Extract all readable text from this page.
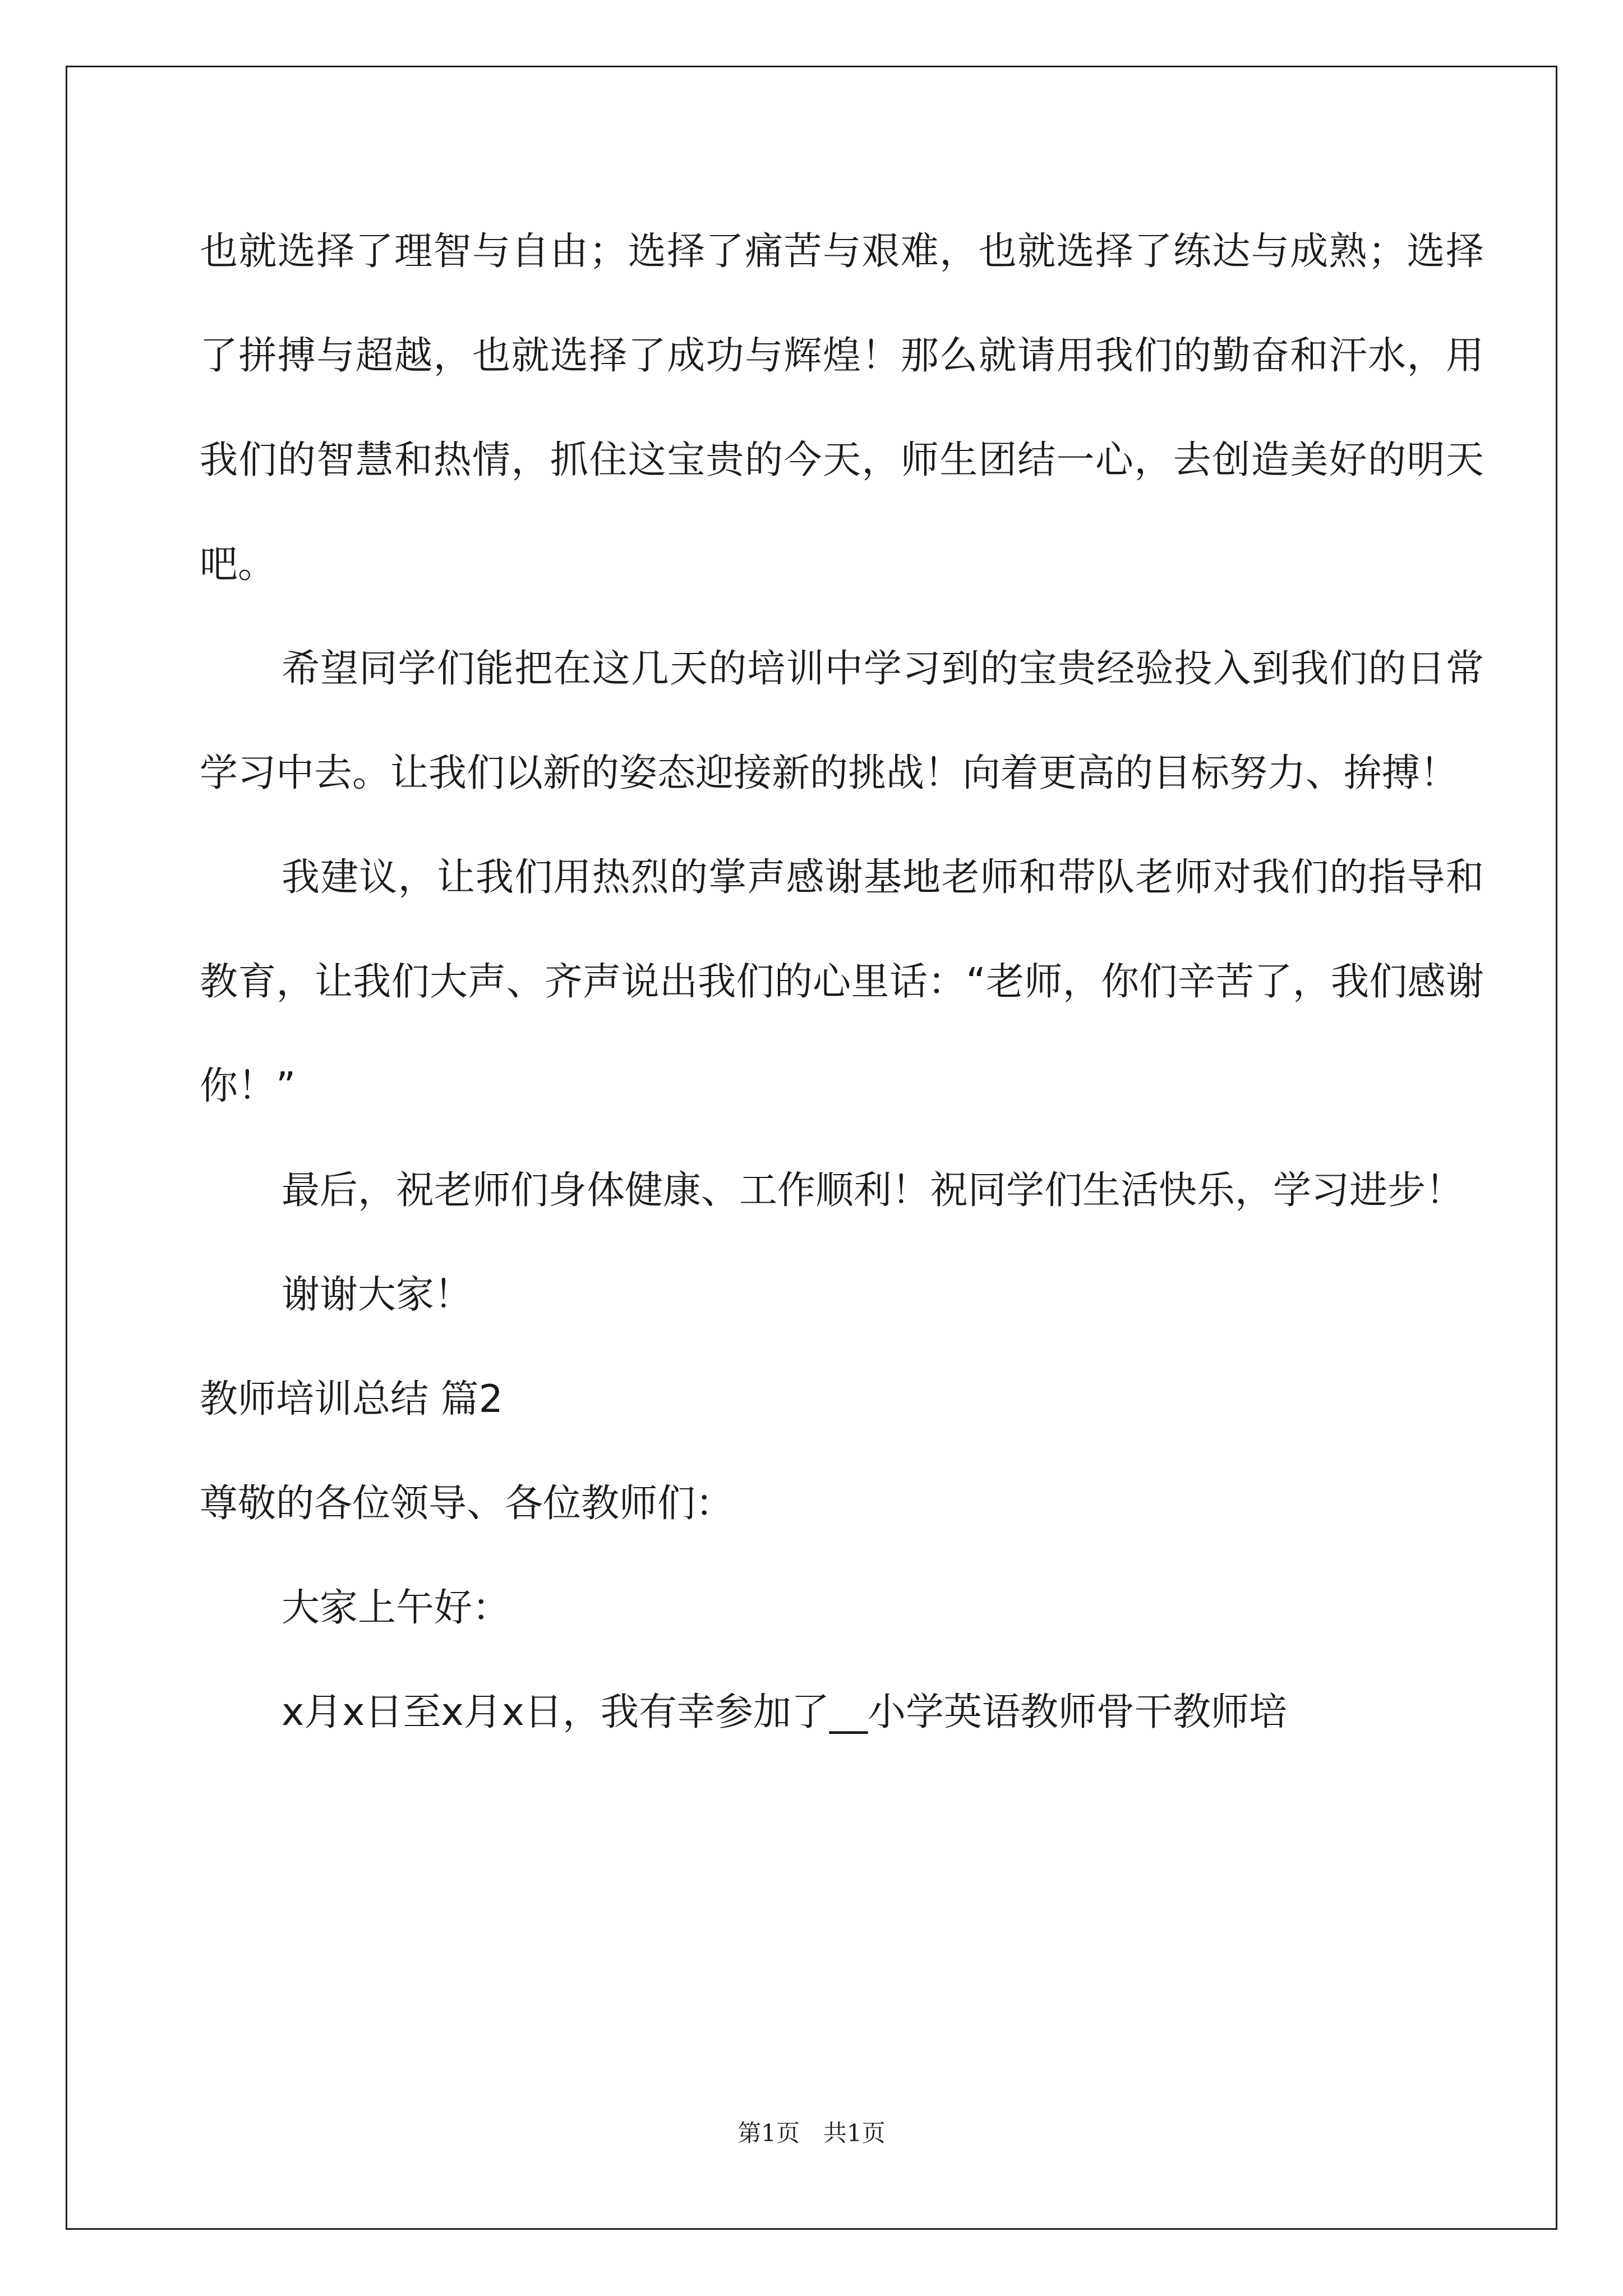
也就选择了理智与自由；选择了痛苦与艰难，也就选择了练达与成熟；选择了拼搏与超越，也就选择了成功与辉煌！那么就请用我们的勤奋和汗水，用我们的智慧和热情，抓住这宝贵的今天，师生团结一心，去创造美好的明天吧。

希望同学们能把在这几天的培训中学习到的宝贵经验投入到我们的日常学习中去。让我们以新的姿态迎接新的挑战！向着更高的目标努力、拚搏！

我建议，让我们用热烈的掌声感谢基地老师和带队老师对我们的指导和教育，让我们大声、齐声说出我们的心里话：“老师，你们辛苦了，我们感谢你！”

最后，祝老师们身体健康、工作顺利！祝同学们生活快乐，学习进步！

谢谢大家！

教师培训总结 篇2

尊敬的各位领导、各位教师们：

大家上午好：

x月x日至x月x日，我有幸参加了__小学英语教师骨干教师培

第1页　共1页
